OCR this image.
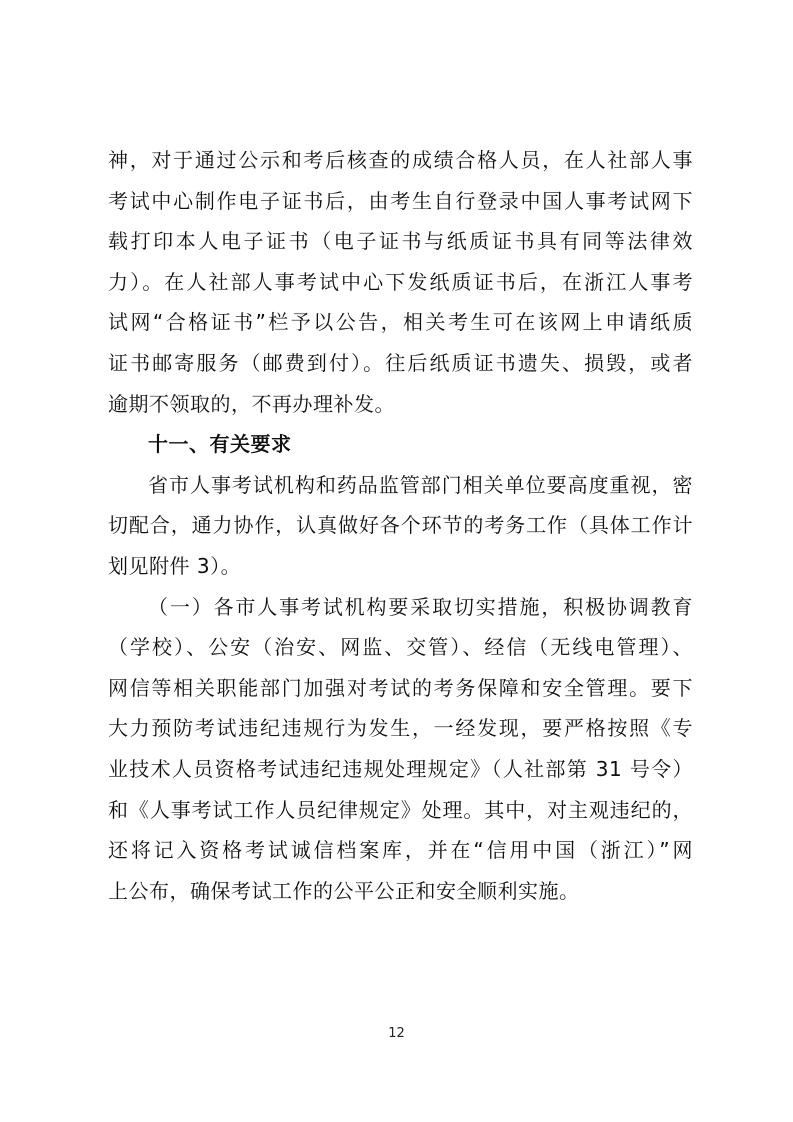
神，对于通过公示和考后核查的成绩合格人员，在人社部人事
考试中心制作电子证书后，由考生自行登录中国人事考试网下
载打印本人电子证书（电子证书与纸质证书具有同等法律效
力）。在人社部人事考试中心下发纸质证书后，在浙江人事考
试网“合格证书”栏予以公告，相关考生可在该网上申请纸质
证书邮寄服务（邮费到付）。往后纸质证书遗失、损毁，或者
逾期不领取的，不再办理补发。
十一、有关要求
省市人事考试机构和药品监管部门相关单位要高度重视，密
切配合，通力协作，认真做好各个环节的考务工作（具体工作计
划见附件 3）。
（一）各市人事考试机构要采取切实措施，积极协调教育
（学校）、公安（治安、网监、交管）、经信（无线电管理）、
网信等相关职能部门加强对考试的考务保障和安全管理。要下
大力预防考试违纪违规行为发生，一经发现，要严格按照《专
业技术人员资格考试违纪违规处理规定》（人社部第 31 号令）
和《人事考试工作人员纪律规定》处理。其中，对主观违纪的，
还将记入资格考试诚信档案库，并在“信用中国（浙江）”网
上公布，确保考试工作的公平公正和安全顺利实施。
12
